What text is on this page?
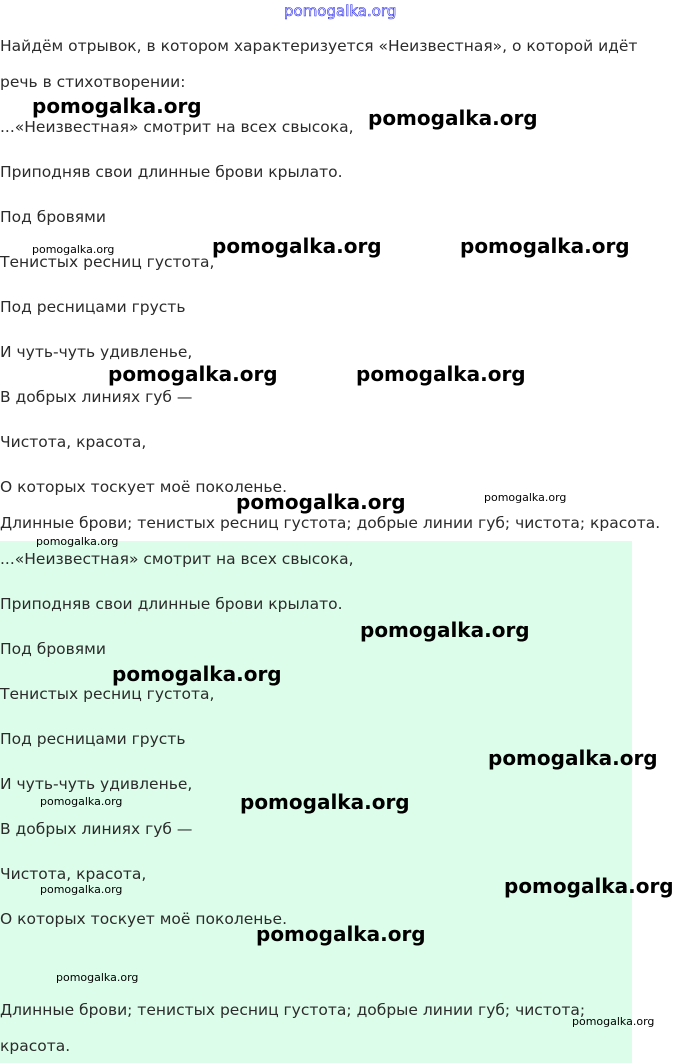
Найдём отрывок, в котором характеризуется «Неизвестная», о которой идёт
речь в стихотворении:
...«Неизвестная» смотрит на всех свысока,
Приподняв свои длинные брови крылато.
Под бровями
Тенистых ресниц густота,
Под ресницами грусть
И чуть-чуть удивленье,
В добрых линиях губ —
Чистота, красота,
О которых тоскует моё поколенье.
Длинные брови; тенистых ресниц густота; добрые линии губ; чистота; красота.
...«Неизвестная» смотрит на всех свысока,
Приподняв свои длинные брови крылато.
Под бровями
Тенистых ресниц густота,
Под ресницами грусть
И чуть-чуть удивленье,
В добрых линиях губ —
Чистота, красота,
О которых тоскует моё поколенье.
Длинные брови; тенистых ресниц густота; добрые линии губ; чистота;
красота.
pomogalka.org
pomogalka.org	pomogalka.org
pomogalka.org	pomogalka.org	pomogalka.org
pomogalka.org	pomogalka.org
pomogalka.org	pomogalka.org
pomogalka.org
pomogalka.org
pomogalka.org
pomogalka.org
pomogalka.org	pomogalka.org
pomogalka.org	pomogalka.org
pomogalka.org
pomogalka.org
pomogalka.org
